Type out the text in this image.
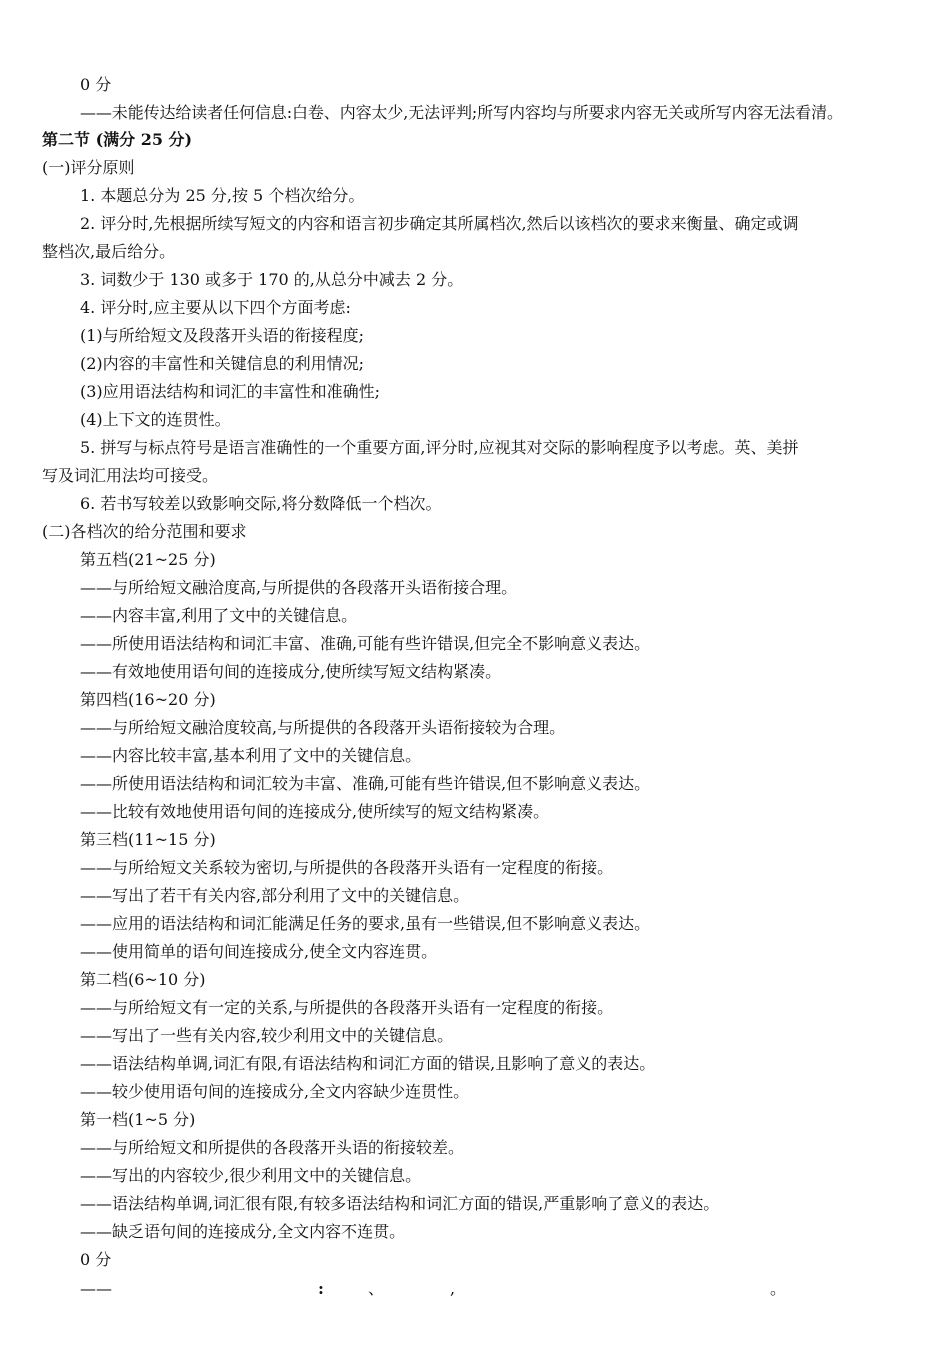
0 分
——未能传达给读者任何信息:白卷、内容太少,无法评判;所写内容均与所要求内容无关或所写内容无法看清。
第二节 (满分 25 分)
(一)评分原则
1. 本题总分为 25 分,按 5 个档次给分。
2. 评分时,先根据所续写短文的内容和语言初步确定其所属档次,然后以该档次的要求来衡量、确定或调
整档次,最后给分。
3. 词数少于 130 或多于 170 的,从总分中减去 2 分。
4. 评分时,应主要从以下四个方面考虑:
(1)与所给短文及段落开头语的衔接程度;
(2)内容的丰富性和关键信息的利用情况;
(3)应用语法结构和词汇的丰富性和准确性;
(4)上下文的连贯性。
5. 拼写与标点符号是语言准确性的一个重要方面,评分时,应视其对交际的影响程度予以考虑。英、美拼
写及词汇用法均可接受。
6. 若书写较差以致影响交际,将分数降低一个档次。
(二)各档次的给分范围和要求
第五档(21~25 分)
——与所给短文融洽度高,与所提供的各段落开头语衔接合理。
——内容丰富,利用了文中的关键信息。
——所使用语法结构和词汇丰富、准确,可能有些许错误,但完全不影响意义表达。
——有效地使用语句间的连接成分,使所续写短文结构紧凑。
第四档(16~20 分)
——与所给短文融洽度较高,与所提供的各段落开头语衔接较为合理。
——内容比较丰富,基本利用了文中的关键信息。
——所使用语法结构和词汇较为丰富、准确,可能有些许错误,但不影响意义表达。
——比较有效地使用语句间的连接成分,使所续写的短文结构紧凑。
第三档(11~15 分)
——与所给短文关系较为密切,与所提供的各段落开头语有一定程度的衔接。
——写出了若干有关内容,部分利用了文中的关键信息。
——应用的语法结构和词汇能满足任务的要求,虽有一些错误,但不影响意义表达。
——使用简单的语句间连接成分,使全文内容连贯。
第二档(6~10 分)
——与所给短文有一定的关系,与所提供的各段落开头语有一定程度的衔接。
——写出了一些有关内容,较少利用文中的关键信息。
——语法结构单调,词汇有限,有语法结构和词汇方面的错误,且影响了意义的表达。
——较少使用语句间的连接成分,全文内容缺少连贯性。
第一档(1~5 分)
——与所给短文和所提供的各段落开头语的衔接较差。
——写出的内容较少,很少利用文中的关键信息。
——语法结构单调,词汇很有限,有较多语法结构和词汇方面的错误,严重影响了意义的表达。
——缺乏语句间的连接成分,全文内容不连贯。
0 分
——	:	、	,	。
